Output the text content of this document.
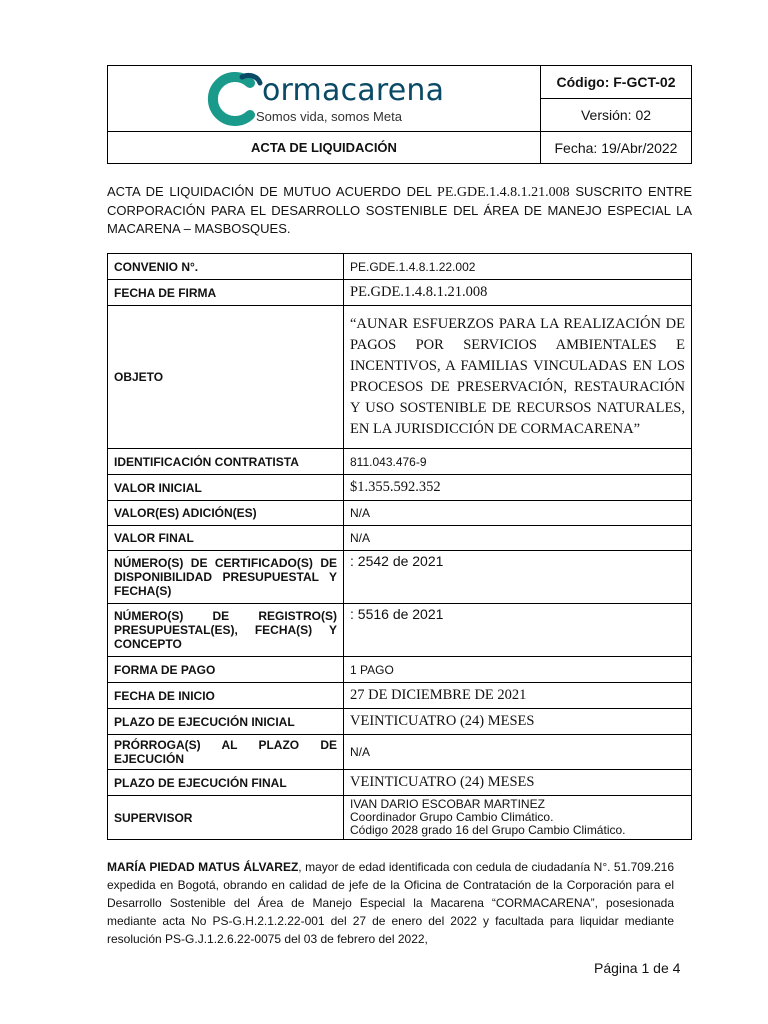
ormacarena
Somos vida, somos Meta
Código: F-GCT-02
Versión: 02
ACTA DE LIQUIDACIÓN	Fecha: 19/Abr/2022
ACTA DE LIQUIDACIÓN DE MUTUO ACUERDO DEL PE.GDE.1.4.8.1.21.008 SUSCRITO ENTRE CORPORACIÓN PARA EL DESARROLLO SOSTENIBLE DEL ÁREA DE MANEJO ESPECIAL LA MACARENA – MASBOSQUES.
CONVENIO N°.	PE.GDE.1.4.8.1.22.002
FECHA DE FIRMA	PE.GDE.1.4.8.1.21.008
OBJETO	“AUNAR ESFUERZOS PARA LA REALIZACIÓN DE PAGOS POR SERVICIOS AMBIENTALES E INCENTIVOS, A FAMILIAS VINCULADAS EN LOS PROCESOS DE PRESERVACIÓN, RESTAURACIÓN Y USO SOSTENIBLE DE RECURSOS NATURALES, EN LA JURISDICCIÓN DE CORMACARENA”
IDENTIFICACIÓN CONTRATISTA	811.043.476-9
VALOR INICIAL	$1.355.592.352
VALOR(ES) ADICIÓN(ES)	N/A
VALOR FINAL	N/A
NÚMERO(S) DE CERTIFICADO(S) DE DISPONIBILIDAD PRESUPUESTAL Y FECHA(S)	: 2542 de 2021
NÚMERO(S) DE REGISTRO(S) PRESUPUESTAL(ES), FECHA(S) Y CONCEPTO	: 5516 de 2021
FORMA DE PAGO	1 PAGO
FECHA DE INICIO	27 DE DICIEMBRE DE 2021
PLAZO DE EJECUCIÓN INICIAL	VEINTICUATRO (24) MESES
PRÓRROGA(S) AL PLAZO DE EJECUCIÓN	N/A
PLAZO DE EJECUCIÓN FINAL	VEINTICUATRO (24) MESES
SUPERVISOR	IVAN DARIO ESCOBAR MARTINEZ
Coordinador Grupo Cambio Climático.
Código 2028 grado 16 del Grupo Cambio Climático.
MARÍA PIEDAD MATUS ÁLVAREZ, mayor de edad identificada con cedula de ciudadanía N°. 51.709.216 expedida en Bogotá, obrando en calidad de jefe de la Oficina de Contratación de la Corporación para el Desarrollo Sostenible del Área de Manejo Especial la Macarena “CORMACARENA”, posesionada mediante acta No PS-G.H.2.1.2.22-001 del 27 de enero del 2022 y facultada para liquidar mediante resolución PS-G.J.1.2.6.22-0075 del 03 de febrero del 2022,
Página 1 de 4
